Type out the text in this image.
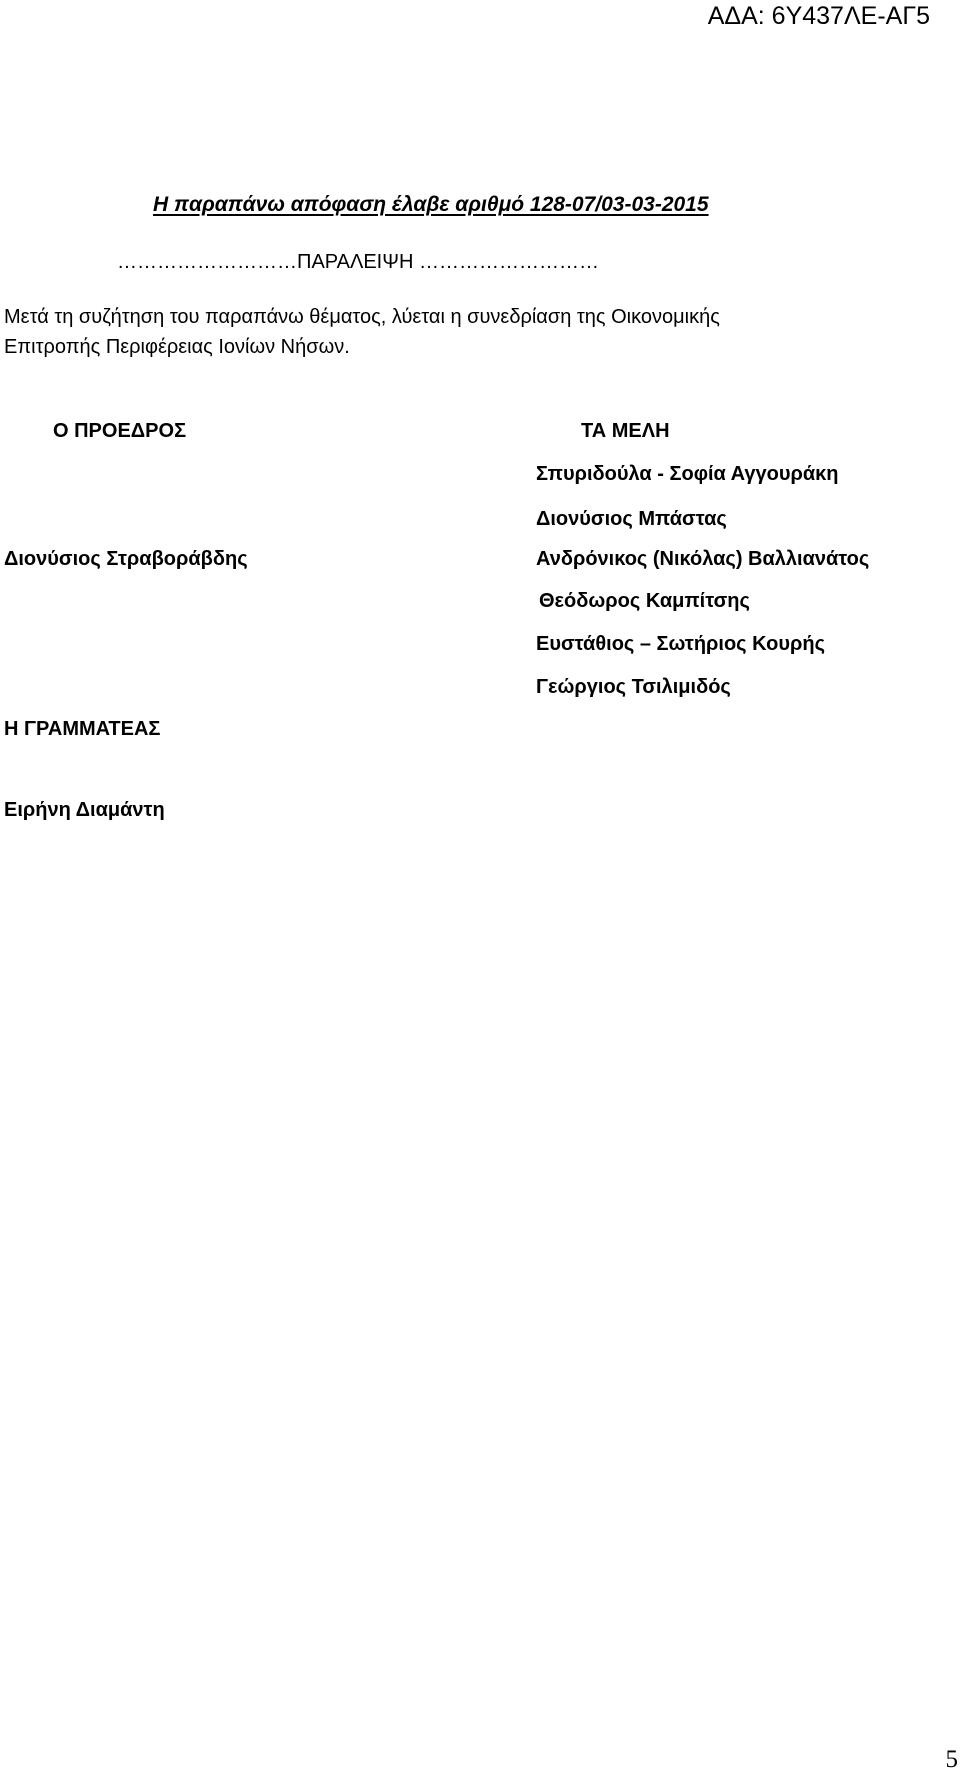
ΑΔΑ: 6Υ437ΛΕ-ΑΓ5
Η παραπάνω απόφαση έλαβε αριθμό 128-07/03-03-2015
………………………ΠΑΡΑΛΕΙΨΗ ………………………
Μετά τη συζήτηση του παραπάνω θέματος, λύεται η συνεδρίαση της Οικονομικής
Επιτροπής Περιφέρειας Ιονίων Νήσων.
Ο ΠΡΟΕΔΡΟΣ
Διονύσιος Στραβοράβδης
Η ΓΡΑΜΜΑΤΕΑΣ
Ειρήνη Διαμάντη
ΤΑ ΜΕΛΗ
Σπυριδούλα - Σοφία Αγγουράκη
Διονύσιος Μπάστας
Ανδρόνικος (Νικόλας) Βαλλιανάτος
Θεόδωρος Καμπίτσης
Ευστάθιος – Σωτήριος Κουρής
Γεώργιος Τσιλιμιδός
5
